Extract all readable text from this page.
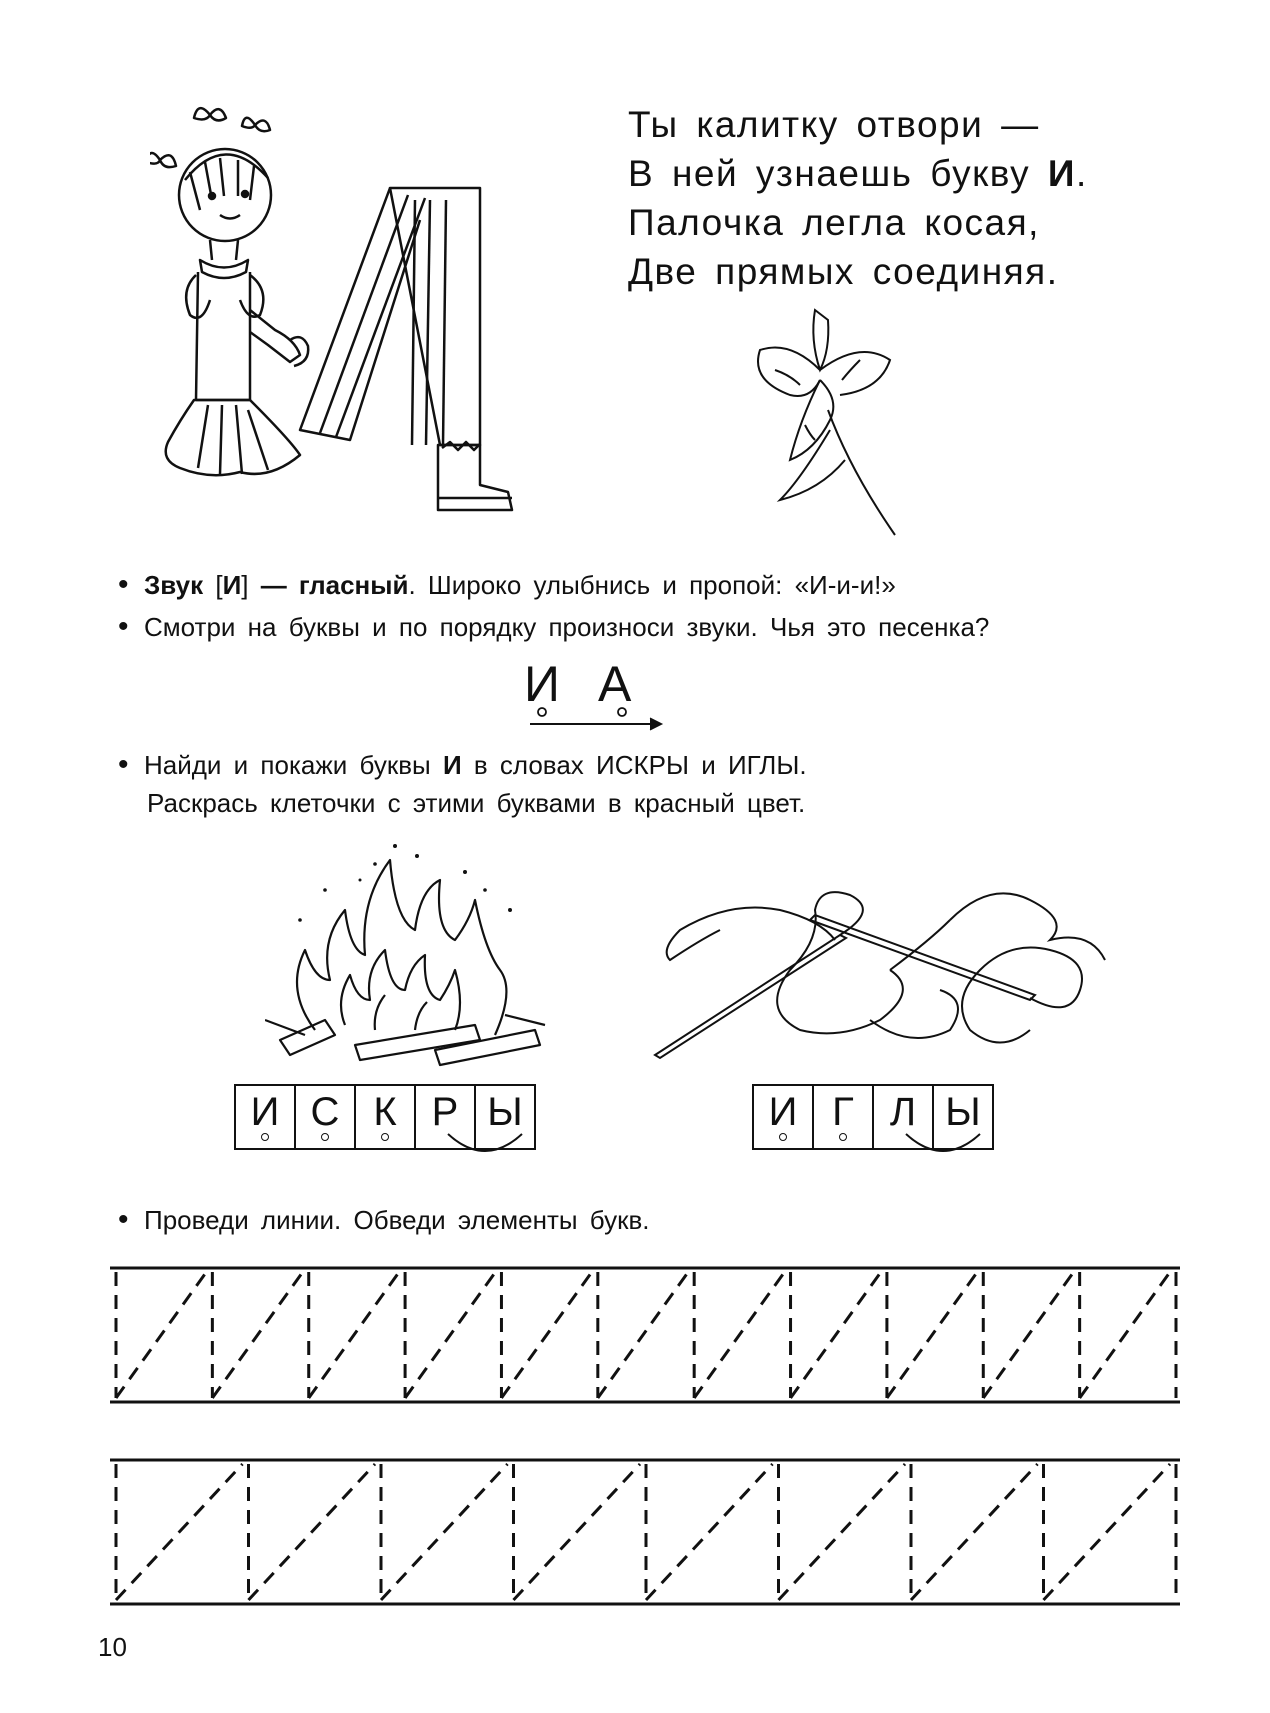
Ты калитку отвори —
В ней узнаешь букву И.
Палочка легла косая,
Две прямых соединяя.
• Звук [И] — гласный. Широко улыбнись и пропой: «И-и-и!»
• Смотри на буквы и по порядку произноси звуки. Чья это песенка?
ИА
• Найди и покажи буквы И в словах ИСКРЫ и ИГЛЫ.
Раскрась клеточки с этими буквами в красный цвет.
И С К Р Ы	И Г Л Ы
• Проведи линии. Обведи элементы букв.
10
